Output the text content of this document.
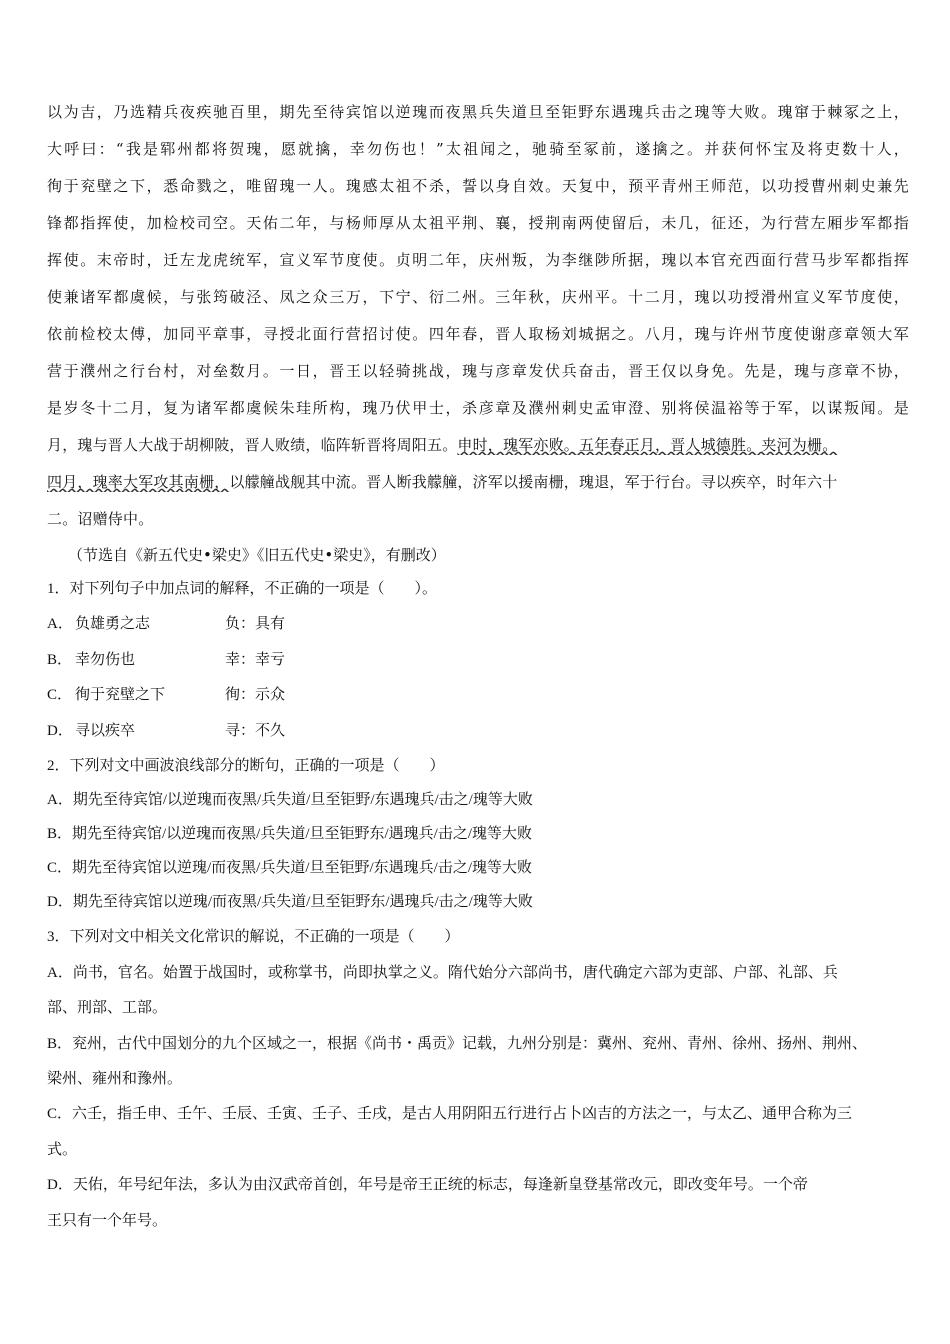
以为吉，乃选精兵夜疾驰百里，期先至待宾馆以逆瑰而夜黑兵失道旦至钜野东遇瑰兵击之瑰等大败。瑰窜于棘冢之上，
大呼曰：“我是郓州都将贺瑰，愿就擒，幸勿伤也！”太祖闻之，驰骑至冢前，遂擒之。并获何怀宝及将吏数十人，
徇于兖壁之下，悉命戮之，唯留瑰一人。瑰感太祖不杀，誓以身自效。天复中，预平青州王师范，以功授曹州刺史兼先
锋都指挥使，加检校司空。天佑二年，与杨师厚从太祖平荆、襄，授荆南两使留后，未几，征还，为行营左厢步军都指
挥使。末帝时，迁左龙虎统军，宣义军节度使。贞明二年，庆州叛，为李继陟所据，瑰以本官充西面行营马步军都指挥
使兼诸军都虞候，与张筠破泾、凤之众三万，下宁、衍二州。三年秋，庆州平。十二月，瑰以功授滑州宣义军节度使，
依前检校太傅，加同平章事，寻授北面行营招讨使。四年春，晋人取杨刘城据之。八月，瑰与许州节度使谢彦章领大军
营于濮州之行台村，对垒数月。一日，晋王以轻骑挑战，瑰与彦章发伏兵奋击，晋王仅以身免。先是，瑰与彦章不协，
是岁冬十二月，复为诸军都虞候朱珪所构，瑰乃伏甲士，杀彦章及濮州刺史孟审澄、别将侯温裕等于军，以谋叛闻。是
月，瑰与晋人大战于胡柳陂，晋人败绩，临阵斩晋将周阳五。申时，瑰军亦败。五年春正月，晋人城德胜。夹河为栅。
四月，瑰率大军攻其南栅，以艨艟战舰其中流。晋人断我艨艟，济军以援南栅，瑰退，军于行台。寻以疾卒，时年六十
二。诏赠侍中。
（节选自《新五代史•梁史》《旧五代史•梁史》，有删改）
1．对下列句子中加点词的解释，不正确的一项是（　　）。
A． 负雄勇之志	负：具有
B． 幸勿伤也	幸：幸亏
C． 徇于兖壁之下	徇：示众
D． 寻以疾卒	寻：不久
2．下列对文中画波浪线部分的断句，正确的一项是（　　）
A．期先至待宾馆/以逆瑰而夜黑/兵失道/旦至钜野/东遇瑰兵/击之/瑰等大败
B．期先至待宾馆/以逆瑰而夜黑/兵失道/旦至钜野东/遇瑰兵/击之/瑰等大败
C．期先至待宾馆以逆瑰/而夜黑/兵失道/旦至钜野/东遇瑰兵/击之/瑰等大败
D．期先至待宾馆以逆瑰/而夜黑/兵失道/旦至钜野东/遇瑰兵/击之/瑰等大败
3．下列对文中相关文化常识的解说，不正确的一项是（　　）
A．尚书，官名。始置于战国时，或称掌书，尚即执掌之义。隋代始分六部尚书，唐代确定六部为吏部、户部、礼部、兵
部、刑部、工部。
B．兖州，古代中国划分的九个区域之一，根据《尚书・禹贡》记载，九州分别是：冀州、兖州、青州、徐州、扬州、荆州、
梁州、雍州和豫州。
C．六壬，指壬申、壬午、壬辰、壬寅、壬子、壬戌，是古人用阴阳五行进行占卜凶吉的方法之一，与太乙、通甲合称为三
式。
D．天佑，年号纪年法，多认为由汉武帝首创，年号是帝王正统的标志，每逢新皇登基常改元，即改变年号。一个帝
王只有一个年号。
